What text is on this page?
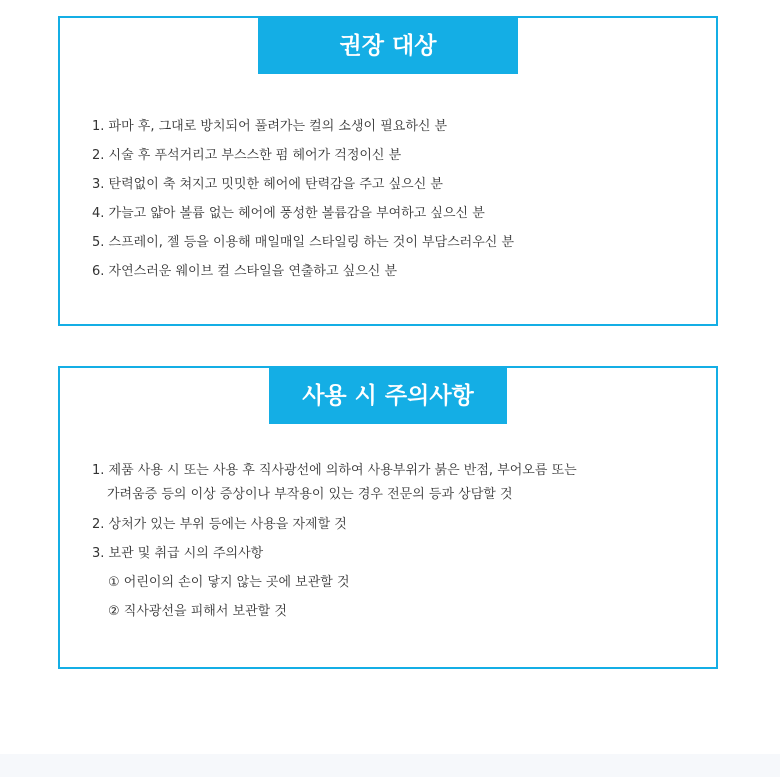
권장 대상
1. 파마 후, 그대로 방치되어 풀려가는 컬의 소생이 필요하신 분
2. 시술 후 푸석거리고 부스스한 펌 헤어가 걱정이신 분
3. 탄력없이 축 쳐지고 밋밋한 헤어에 탄력감을 주고 싶으신 분
4. 가늘고 얇아 볼륨 없는 헤어에 풍성한 볼륨감을 부여하고 싶으신 분
5. 스프레이, 젤 등을 이용해 매일매일 스타일링 하는 것이 부담스러우신 분
6. 자연스러운 웨이브 컬 스타일을 연출하고 싶으신 분
사용 시 주의사항
1. 제품 사용 시 또는 사용 후 직사광선에 의하여 사용부위가 붉은 반점, 부어오름 또는
가려움증 등의 이상 증상이나 부작용이 있는 경우 전문의 등과 상담할 것
2. 상처가 있는 부위 등에는 사용을 자제할 것
3. 보관 및 취급 시의 주의사항
① 어린이의 손이 닿지 않는 곳에 보관할 것
② 직사광선을 피해서 보관할 것
